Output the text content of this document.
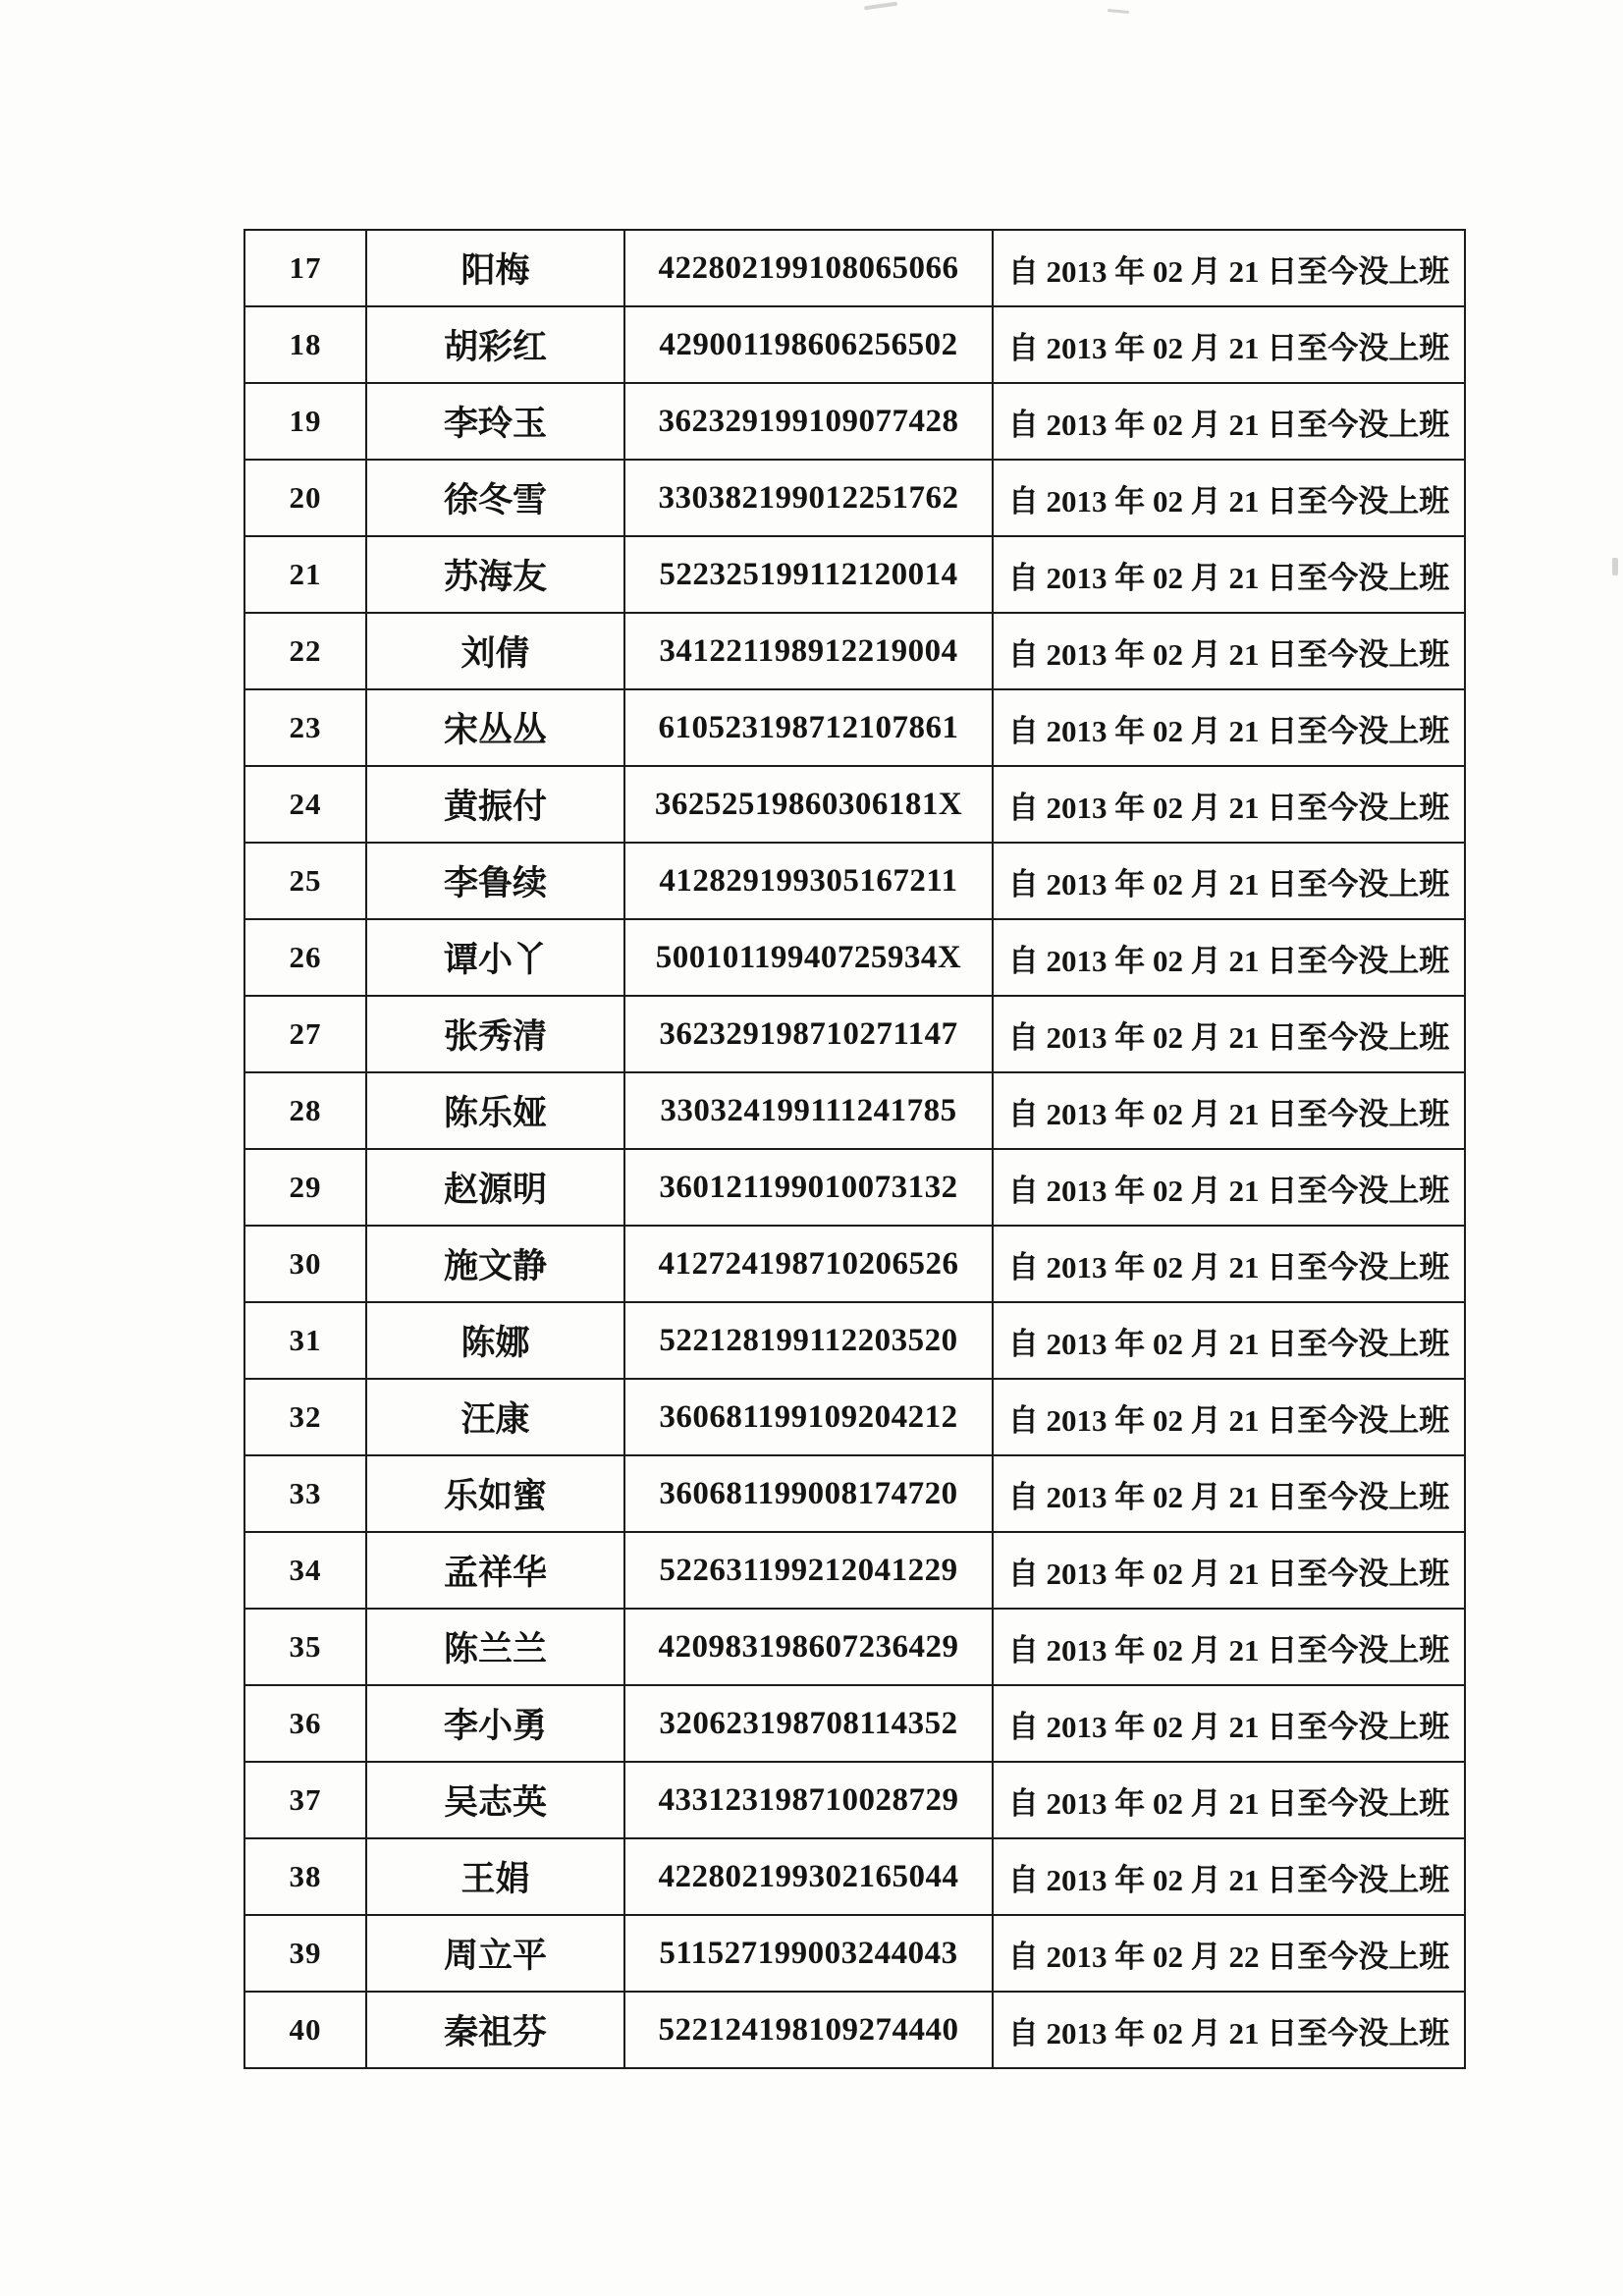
17	阳梅	422802199108065066	自 2013 年 02 月 21 日至今没上班
18	胡彩红	429001198606256502	自 2013 年 02 月 21 日至今没上班
19	李玲玉	362329199109077428	自 2013 年 02 月 21 日至今没上班
20	徐冬雪	330382199012251762	自 2013 年 02 月 21 日至今没上班
21	苏海友	522325199112120014	自 2013 年 02 月 21 日至今没上班
22	刘倩	341221198912219004	自 2013 年 02 月 21 日至今没上班
23	宋丛丛	610523198712107861	自 2013 年 02 月 21 日至今没上班
24	黄振付	36252519860306181X	自 2013 年 02 月 21 日至今没上班
25	李鲁续	412829199305167211	自 2013 年 02 月 21 日至今没上班
26	谭小丫	50010119940725934X	自 2013 年 02 月 21 日至今没上班
27	张秀清	362329198710271147	自 2013 年 02 月 21 日至今没上班
28	陈乐娅	330324199111241785	自 2013 年 02 月 21 日至今没上班
29	赵源明	360121199010073132	自 2013 年 02 月 21 日至今没上班
30	施文静	412724198710206526	自 2013 年 02 月 21 日至今没上班
31	陈娜	522128199112203520	自 2013 年 02 月 21 日至今没上班
32	汪康	360681199109204212	自 2013 年 02 月 21 日至今没上班
33	乐如蜜	360681199008174720	自 2013 年 02 月 21 日至今没上班
34	孟祥华	522631199212041229	自 2013 年 02 月 21 日至今没上班
35	陈兰兰	420983198607236429	自 2013 年 02 月 21 日至今没上班
36	李小勇	320623198708114352	自 2013 年 02 月 21 日至今没上班
37	吴志英	433123198710028729	自 2013 年 02 月 21 日至今没上班
38	王娟	422802199302165044	自 2013 年 02 月 21 日至今没上班
39	周立平	511527199003244043	自 2013 年 02 月 22 日至今没上班
40	秦祖芬	522124198109274440	自 2013 年 02 月 21 日至今没上班
